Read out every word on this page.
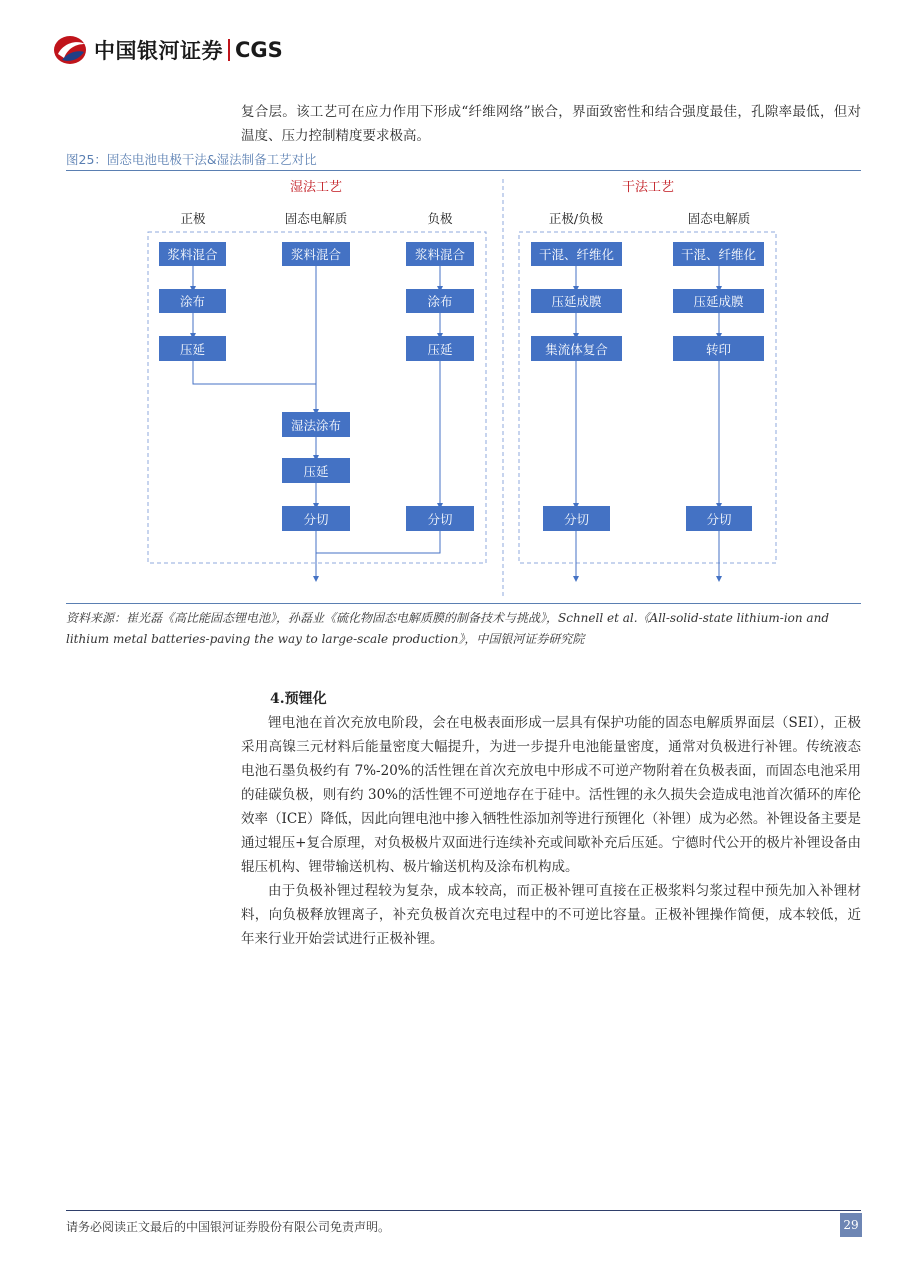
中国银河证券 CGS

复合层。该工艺可在应力作用下形成“纤维网络”嵌合，界面致密性和结合强度最佳，孔隙率最低，但对温度、压力控制精度要求极高。

图25：固态电池电极干法&湿法制备工艺对比
湿法工艺	干法工艺
正极	固态电解质	负极	正极/负极	固态电解质
浆料混合
涂布
压延
浆料混合
湿法涂布
压延
分切
浆料混合
涂布
压延
分切
干混、纤维化
压延成膜
集流体复合
分切
干混、纤维化
压延成膜
转印
分切
资料来源：崔光磊《高比能固态锂电池》，孙磊业《硫化物固态电解质膜的制备技术与挑战》，Schnell et al.《All-solid-state lithium-ion and lithium metal batteries-paving the way to large-scale production》，中国银河证券研究院
4.预锂化

锂电池在首次充放电阶段，会在电极表面形成一层具有保护功能的固态电解质界面层（SEI），正极采用高镍三元材料后能量密度大幅提升，为进一步提升电池能量密度，通常对负极进行补锂。传统液态电池石墨负极约有 7%-20%的活性锂在首次充放电中形成不可逆产物附着在负极表面，而固态电池采用的硅碳负极，则有约 30%的活性锂不可逆地存在于硅中。活性锂的永久损失会造成电池首次循环的库伦效率（ICE）降低，因此向锂电池中掺入牺牲性添加剂等进行预锂化（补锂）成为必然。补锂设备主要是通过辊压+复合原理，对负极极片双面进行连续补充或间歇补充后压延。宁德时代公开的极片补锂设备由辊压机构、锂带输送机构、极片输送机构及涂布机构成。

由于负极补锂过程较为复杂，成本较高，而正极补锂可直接在正极浆料匀浆过程中预先加入补锂材料，向负极释放锂离子，补充负极首次充电过程中的不可逆比容量。正极补锂操作简便，成本较低，近年来行业开始尝试进行正极补锂。

请务必阅读正文最后的中国银河证券股份有限公司免责声明。	29
